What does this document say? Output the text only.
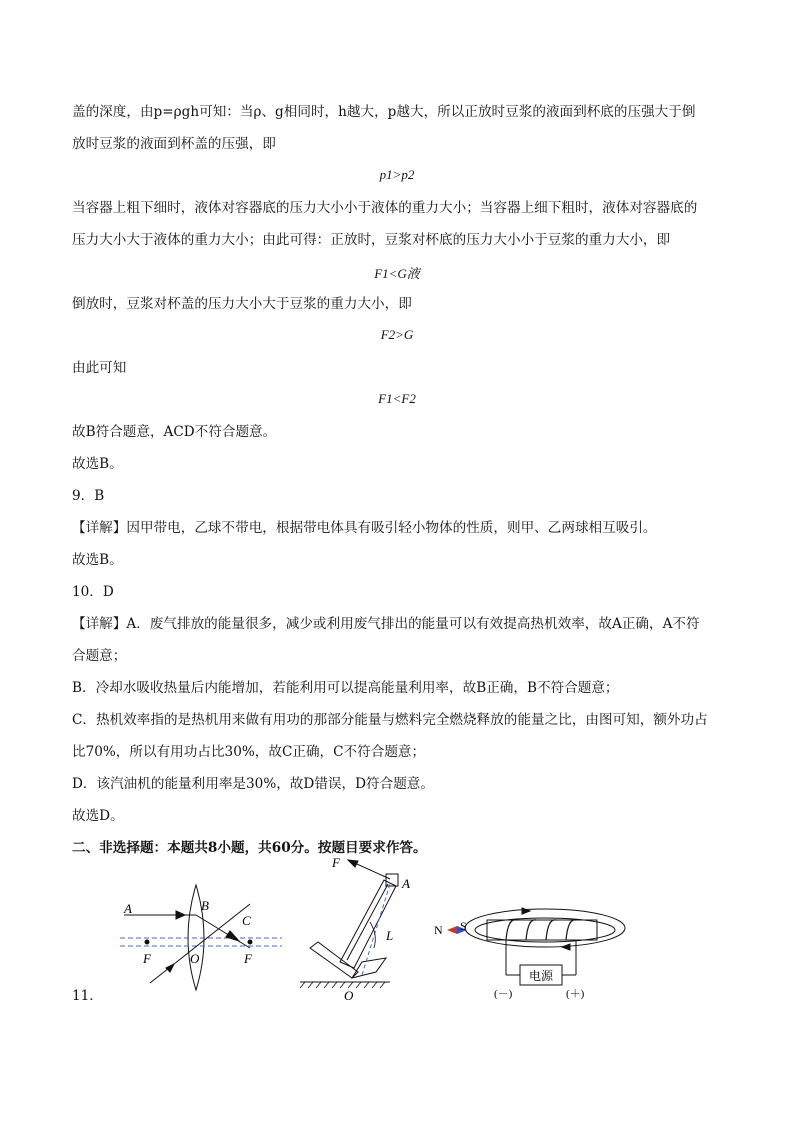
盖的深度，由p=ρgh可知：当ρ、g相同时，h越大，p越大，所以正放时豆浆的液面到杯底的压强大于倒
放时豆浆的液面到杯盖的压强，即
p1>p2
当容器上粗下细时，液体对容器底的压力大小小于液体的重力大小；当容器上细下粗时，液体对容器底的
压力大小大于液体的重力大小；由此可得：正放时，豆浆对杯底的压力大小小于豆浆的重力大小，即
F1<G液
倒放时，豆浆对杯盖的压力大小大于豆浆的重力大小，即
F2>G
由此可知
F1<F2
故B符合题意，ACD不符合题意。
故选B。
9．B
【详解】因甲带电，乙球不带电，根据带电体具有吸引轻小物体的性质，则甲、乙两球相互吸引。
故选B。
10．D
【详解】A．废气排放的能量很多，减少或利用废气排出的能量可以有效提高热机效率，故A正确，A不符
合题意；
B．冷却水吸收热量后内能增加，若能利用可以提高能量利用率，故B正确，B不符合题意；
C．热机效率指的是热机用来做有用功的那部分能量与燃料完全燃烧释放的能量之比，由图可知，额外功占
比70%，所以有用功占比30%，故C正确，C不符合题意；
D．该汽油机的能量利用率是30%，故D错误，D符合题意。
故选D。
二、非选择题：本题共8小题，共60分。按题目要求作答。
11．
A	B
C
F	O	F
F
A
L
O
N S
电源
(－)	(＋)
